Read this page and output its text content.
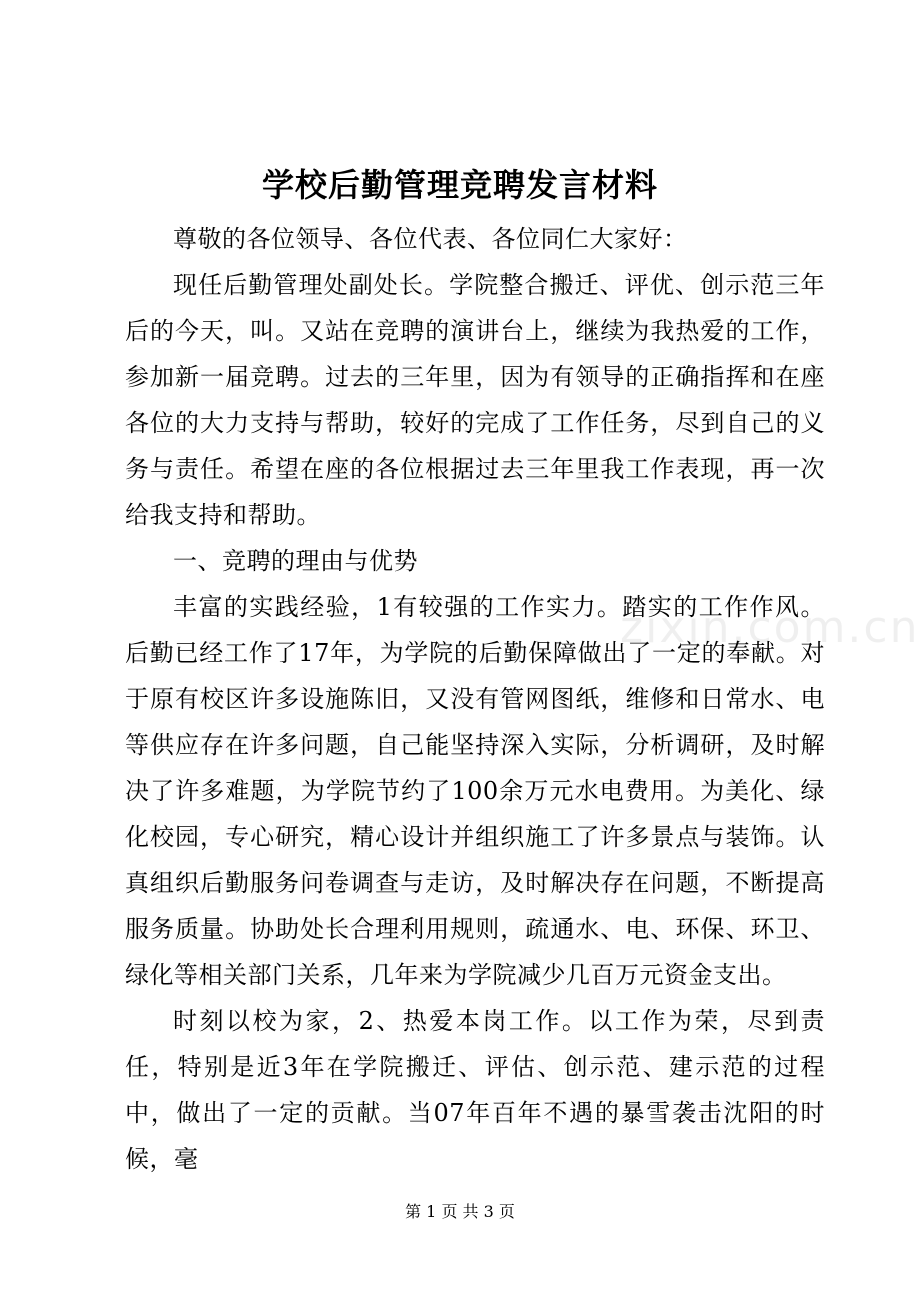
学校后勤管理竞聘发言材料

尊敬的各位领导、各位代表、各位同仁大家好：

现任后勤管理处副处长。学院整合搬迁、评优、创示范三年后的今天，叫。又站在竞聘的演讲台上，继续为我热爱的工作，参加新一届竞聘。过去的三年里，因为有领导的正确指挥和在座各位的大力支持与帮助，较好的完成了工作任务，尽到自己的义务与责任。希望在座的各位根据过去三年里我工作表现，再一次给我支持和帮助。

一、竞聘的理由与优势

丰富的实践经验，1有较强的工作实力。踏实的工作作风。后勤已经工作了17年，为学院的后勤保障做出了一定的奉献。对于原有校区许多设施陈旧，又没有管网图纸，维修和日常水、电等供应存在许多问题，自己能坚持深入实际，分析调研，及时解决了许多难题，为学院节约了100余万元水电费用。为美化、绿化校园，专心研究，精心设计并组织施工了许多景点与装饰。认真组织后勤服务问卷调查与走访，及时解决存在问题，不断提高服务质量。协助处长合理利用规则，疏通水、电、环保、环卫、绿化等相关部门关系，几年来为学院减少几百万元资金支出。

时刻以校为家，2、热爱本岗工作。以工作为荣，尽到责任，特别是近3年在学院搬迁、评估、创示范、建示范的过程中，做出了一定的贡献。当07年百年不遇的暴雪袭击沈阳的时候，毫

zixin.com.cn
第 1 页 共 3 页
